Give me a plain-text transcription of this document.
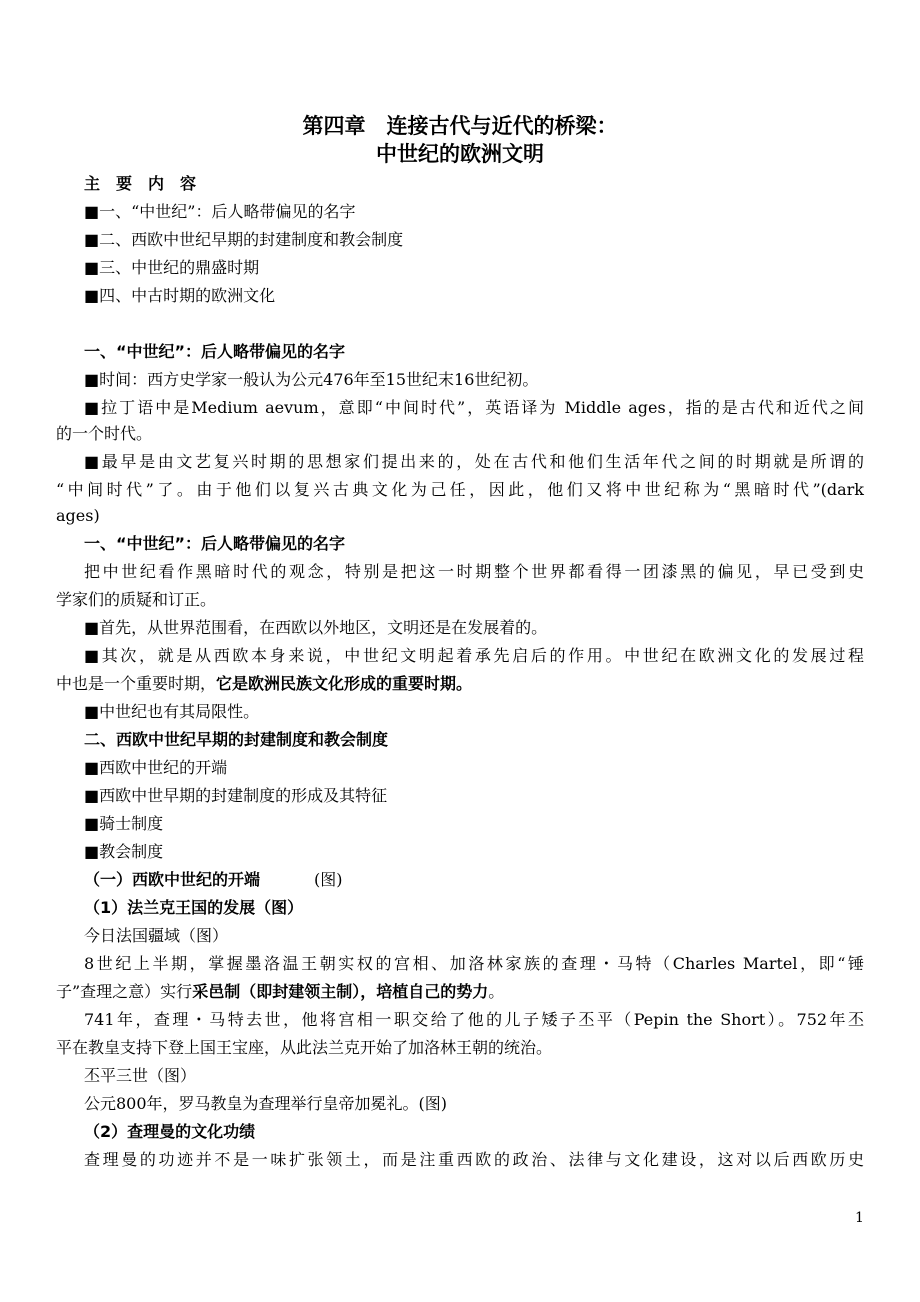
第四章　连接古代与近代的桥梁：
中世纪的欧洲文明
主　要　内　容
■一、“中世纪”：后人略带偏见的名字
■二、西欧中世纪早期的封建制度和教会制度
■三、中世纪的鼎盛时期
■四、中古时期的欧洲文化
一、“中世纪”：后人略带偏见的名字
■时间：西方史学家一般认为公元476年至15世纪末16世纪初。
■拉丁语中是Medium aevum，意即“中间时代”，英语译为 Middle ages，指的是古代和近代之间
的一个时代。
■最早是由文艺复兴时期的思想家们提出来的，处在古代和他们生活年代之间的时期就是所谓的
“中间时代”了。由于他们以复兴古典文化为己任，因此，他们又将中世纪称为“黑暗时代”(dark
ages)
一、“中世纪”：后人略带偏见的名字
把中世纪看作黑暗时代的观念，特别是把这一时期整个世界都看得一团漆黑的偏见，早已受到史
学家们的质疑和订正。
■首先，从世界范围看，在西欧以外地区，文明还是在发展着的。
■其次，就是从西欧本身来说，中世纪文明起着承先启后的作用。中世纪在欧洲文化的发展过程
中也是一个重要时期，它是欧洲民族文化形成的重要时期。
■中世纪也有其局限性。
二、西欧中世纪早期的封建制度和教会制度
■西欧中世纪的开端
■西欧中世早期的封建制度的形成及其特征
■骑士制度
■教会制度
（一）西欧中世纪的开端	(图)
（1）法兰克王国的发展（图）
今日法国疆域（图）
8世纪上半期，掌握墨洛温王朝实权的宫相、加洛林家族的查理・马特（Charles Martel，即“锤
子”查理之意）实行采邑制（即封建领主制），培植自己的势力。
741年，查理・马特去世，他将宫相一职交给了他的儿子矮子丕平（Pepin the Short）。752年丕
平在教皇支持下登上国王宝座，从此法兰克开始了加洛林王朝的统治。
丕平三世（图）
公元800年，罗马教皇为查理举行皇帝加冕礼。(图)
（2）查理曼的文化功绩
查理曼的功迹并不是一味扩张领土，而是注重西欧的政治、法律与文化建设，这对以后西欧历史
1
